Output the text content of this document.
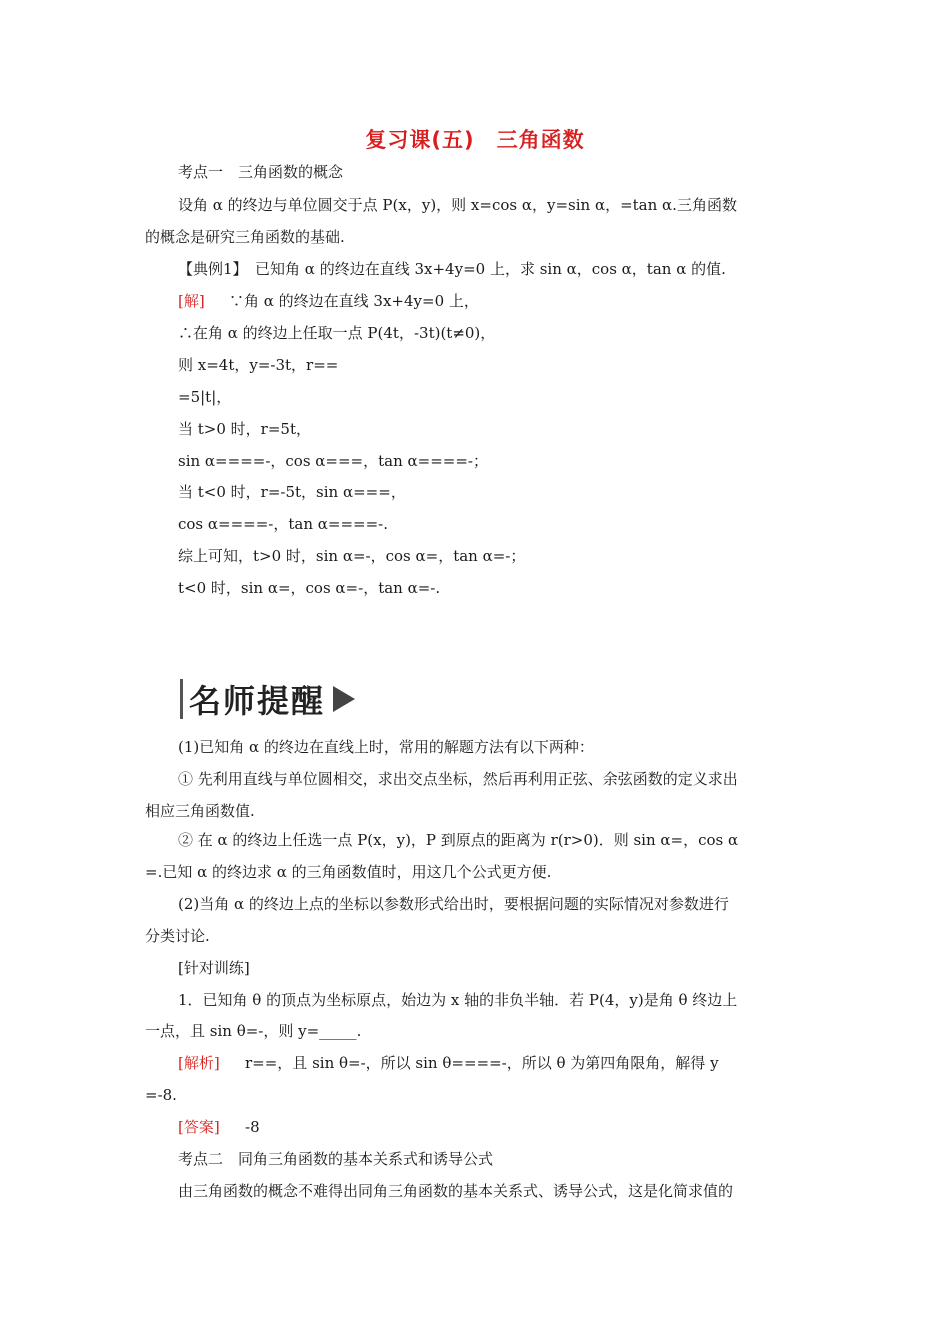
复习课(五)　三角函数
考点一　三角函数的概念
设角 α 的终边与单位圆交于点 P(x，y)，则 x=cos α，y=sin α，=tan α.三角函数
的概念是研究三角函数的基础.
【典例1】　已知角 α 的终边在直线 3x+4y=0 上，求 sin α，cos α，tan α 的值.
[解] ∵角 α 的终边在直线 3x+4y=0 上，
∴在角 α 的终边上任取一点 P(4t，-3t)(t≠0)，
则 x=4t，y=-3t，r==
=5|t|，
当 t>0 时，r=5t，
sin α====-，cos α===，tan α====-；
当 t<0 时，r=-5t，sin α===，
cos α====-，tan α====-.
综上可知，t>0 时，sin α=-，cos α=，tan α=-；
t<0 时，sin α=，cos α=-，tan α=-.
名师提醒
(1)已知角 α 的终边在直线上时，常用的解题方法有以下两种：
① 先利用直线与单位圆相交，求出交点坐标，然后再利用正弦、余弦函数的定义求出
相应三角函数值.
② 在 α 的终边上任选一点 P(x，y)，P 到原点的距离为 r(r>0)．则 sin α=，cos α
=.已知 α 的终边求 α 的三角函数值时，用这几个公式更方便.
(2)当角 α 的终边上点的坐标以参数形式给出时，要根据问题的实际情况对参数进行
分类讨论.
[针对训练]
1．已知角 θ 的顶点为坐标原点，始边为 x 轴的非负半轴．若 P(4，y)是角 θ 终边上
一点，且 sin θ=-，则 y=_____.
[解析] r==，且 sin θ=-，所以 sin θ====-，所以 θ 为第四角限角，解得 y
=-8.
[答案] -8
考点二　同角三角函数的基本关系式和诱导公式
由三角函数的概念不难得出同角三角函数的基本关系式、诱导公式，这是化简求值的
